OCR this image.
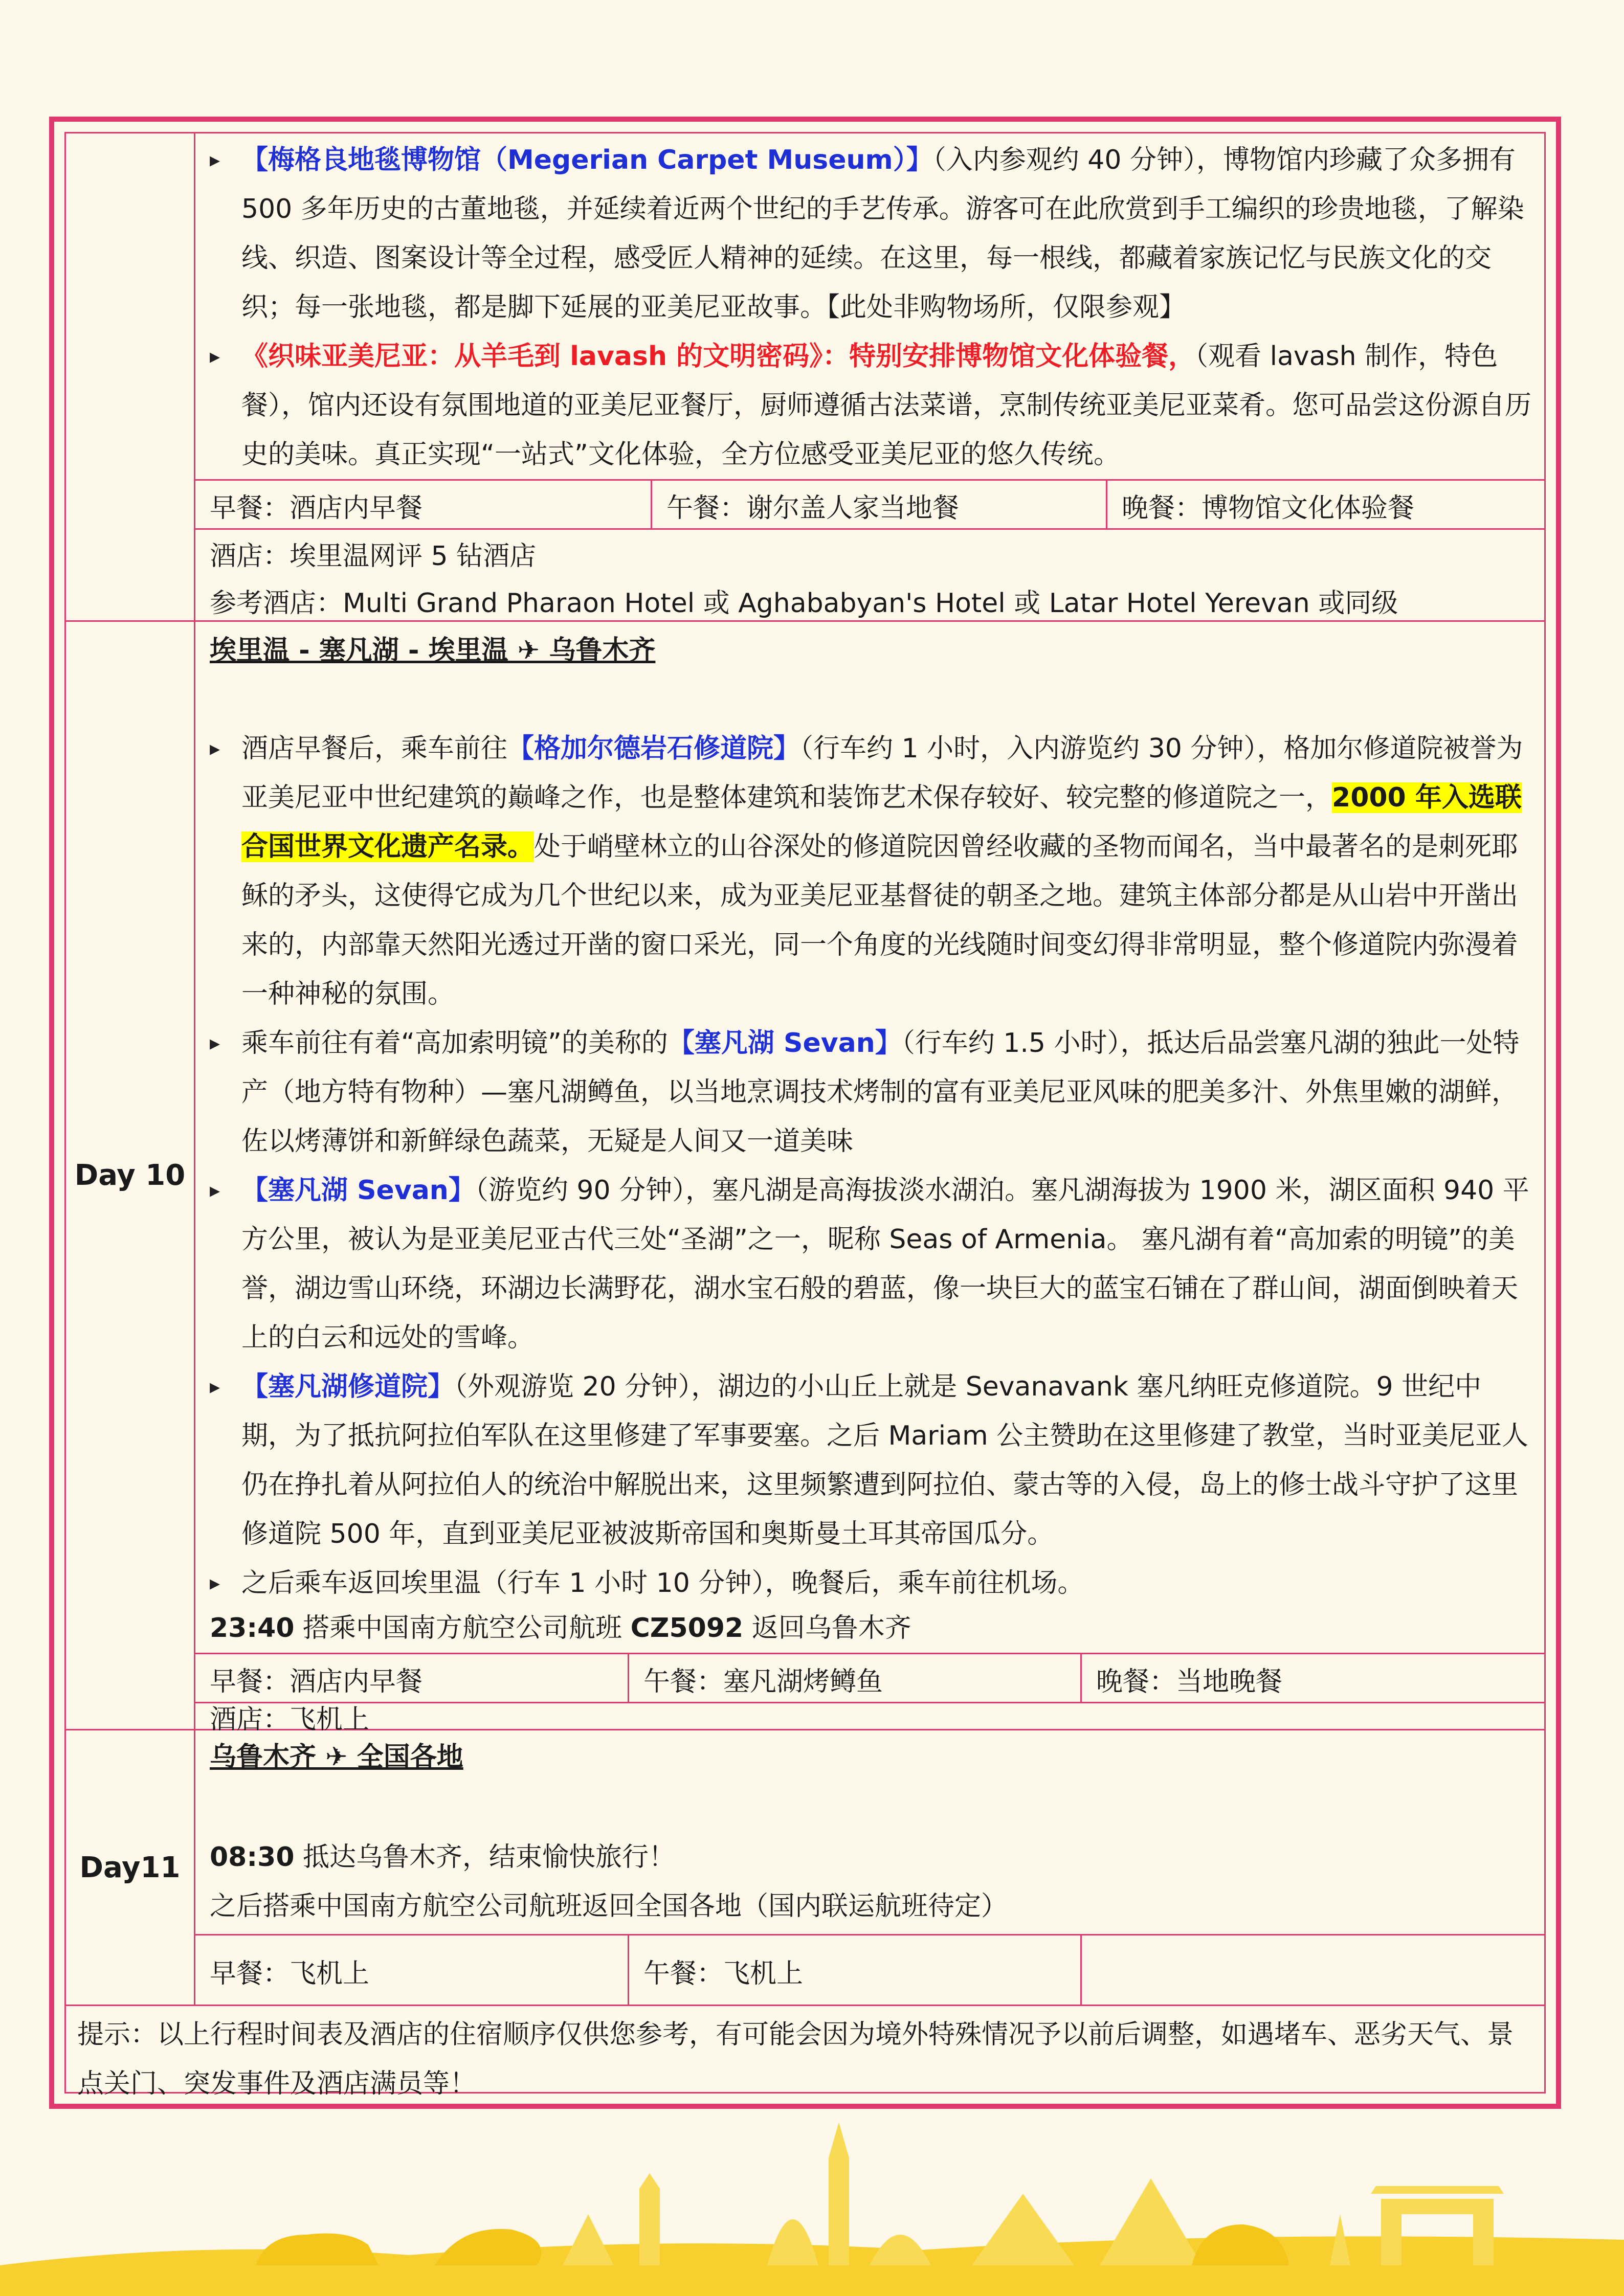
▸ 【梅格良地毯博物馆（Megerian Carpet Museum）】（入内参观约 40 分钟），博物馆内珍藏了众多拥有 500 多年历史的古董地毯，并延续着近两个世纪的手艺传承。游客可在此欣赏到手工编织的珍贵地毯，了解染线、织造、图案设计等全过程，感受匠人精神的延续。在这里，每一根线，都藏着家族记忆与民族文化的交织；每一张地毯，都是脚下延展的亚美尼亚故事。【此处非购物场所，仅限参观】
▸ 《织味亚美尼亚：从羊毛到 lavash 的文明密码》：特别安排博物馆文化体验餐，（观看 lavash 制作，特色餐），馆内还设有氛围地道的亚美尼亚餐厅，厨师遵循古法菜谱，烹制传统亚美尼亚菜肴。您可品尝这份源自历史的美味。真正实现“一站式”文化体验，全方位感受亚美尼亚的悠久传统。
早餐：酒店内早餐	午餐：谢尔盖人家当地餐	晚餐：博物馆文化体验餐
酒店：埃里温网评 5 钻酒店
参考酒店：Multi Grand Pharaon Hotel 或 Aghababyan's Hotel 或 Latar Hotel Yerevan 或同级
Day 10
埃里温 - 塞凡湖 - 埃里温 ✈ 乌鲁木齐
▸ 酒店早餐后，乘车前往【格加尔德岩石修道院】（行车约 1 小时，入内游览约 30 分钟），格加尔修道院被誉为亚美尼亚中世纪建筑的巅峰之作，也是整体建筑和装饰艺术保存较好、较完整的修道院之一，2000 年入选联合国世界文化遗产名录。处于峭壁林立的山谷深处的修道院因曾经收藏的圣物而闻名，当中最著名的是刺死耶稣的矛头，这使得它成为几个世纪以来，成为亚美尼亚基督徒的朝圣之地。建筑主体部分都是从山岩中开凿出来的，内部靠天然阳光透过开凿的窗口采光，同一个角度的光线随时间变幻得非常明显，整个修道院内弥漫着一种神秘的氛围。
▸ 乘车前往有着“高加索明镜”的美称的【塞凡湖 Sevan】（行车约 1.5 小时），抵达后品尝塞凡湖的独此一处特产（地方特有物种）—塞凡湖鳟鱼，以当地烹调技术烤制的富有亚美尼亚风味的肥美多汁、外焦里嫩的湖鲜，佐以烤薄饼和新鲜绿色蔬菜，无疑是人间又一道美味
▸ 【塞凡湖 Sevan】（游览约 90 分钟），塞凡湖是高海拔淡水湖泊。塞凡湖海拔为 1900 米，湖区面积 940 平方公里，被认为是亚美尼亚古代三处“圣湖”之一，昵称 Seas of Armenia。 塞凡湖有着“高加索的明镜”的美誉，湖边雪山环绕，环湖边长满野花，湖水宝石般的碧蓝，像一块巨大的蓝宝石铺在了群山间，湖面倒映着天上的白云和远处的雪峰。
▸ 【塞凡湖修道院】（外观游览 20 分钟），湖边的小山丘上就是 Sevanavank 塞凡纳旺克修道院。9 世纪中期，为了抵抗阿拉伯军队在这里修建了军事要塞。之后 Mariam 公主赞助在这里修建了教堂，当时亚美尼亚人仍在挣扎着从阿拉伯人的统治中解脱出来，这里频繁遭到阿拉伯、蒙古等的入侵，岛上的修士战斗守护了这里修道院 500 年，直到亚美尼亚被波斯帝国和奥斯曼土耳其帝国瓜分。
▸ 之后乘车返回埃里温（行车 1 小时 10 分钟），晚餐后，乘车前往机场。
23:40 搭乘中国南方航空公司航班 CZ5092 返回乌鲁木齐
早餐：酒店内早餐	午餐：塞凡湖烤鳟鱼	晚餐：当地晚餐
酒店：飞机上
Day11
乌鲁木齐 ✈ 全国各地
08:30 抵达乌鲁木齐，结束愉快旅行！
之后搭乘中国南方航空公司航班返回全国各地（国内联运航班待定）
早餐：飞机上	午餐：飞机上
提示：以上行程时间表及酒店的住宿顺序仅供您参考，有可能会因为境外特殊情况予以前后调整，如遇堵车、恶劣天气、景点关门、突发事件及酒店满员等！
